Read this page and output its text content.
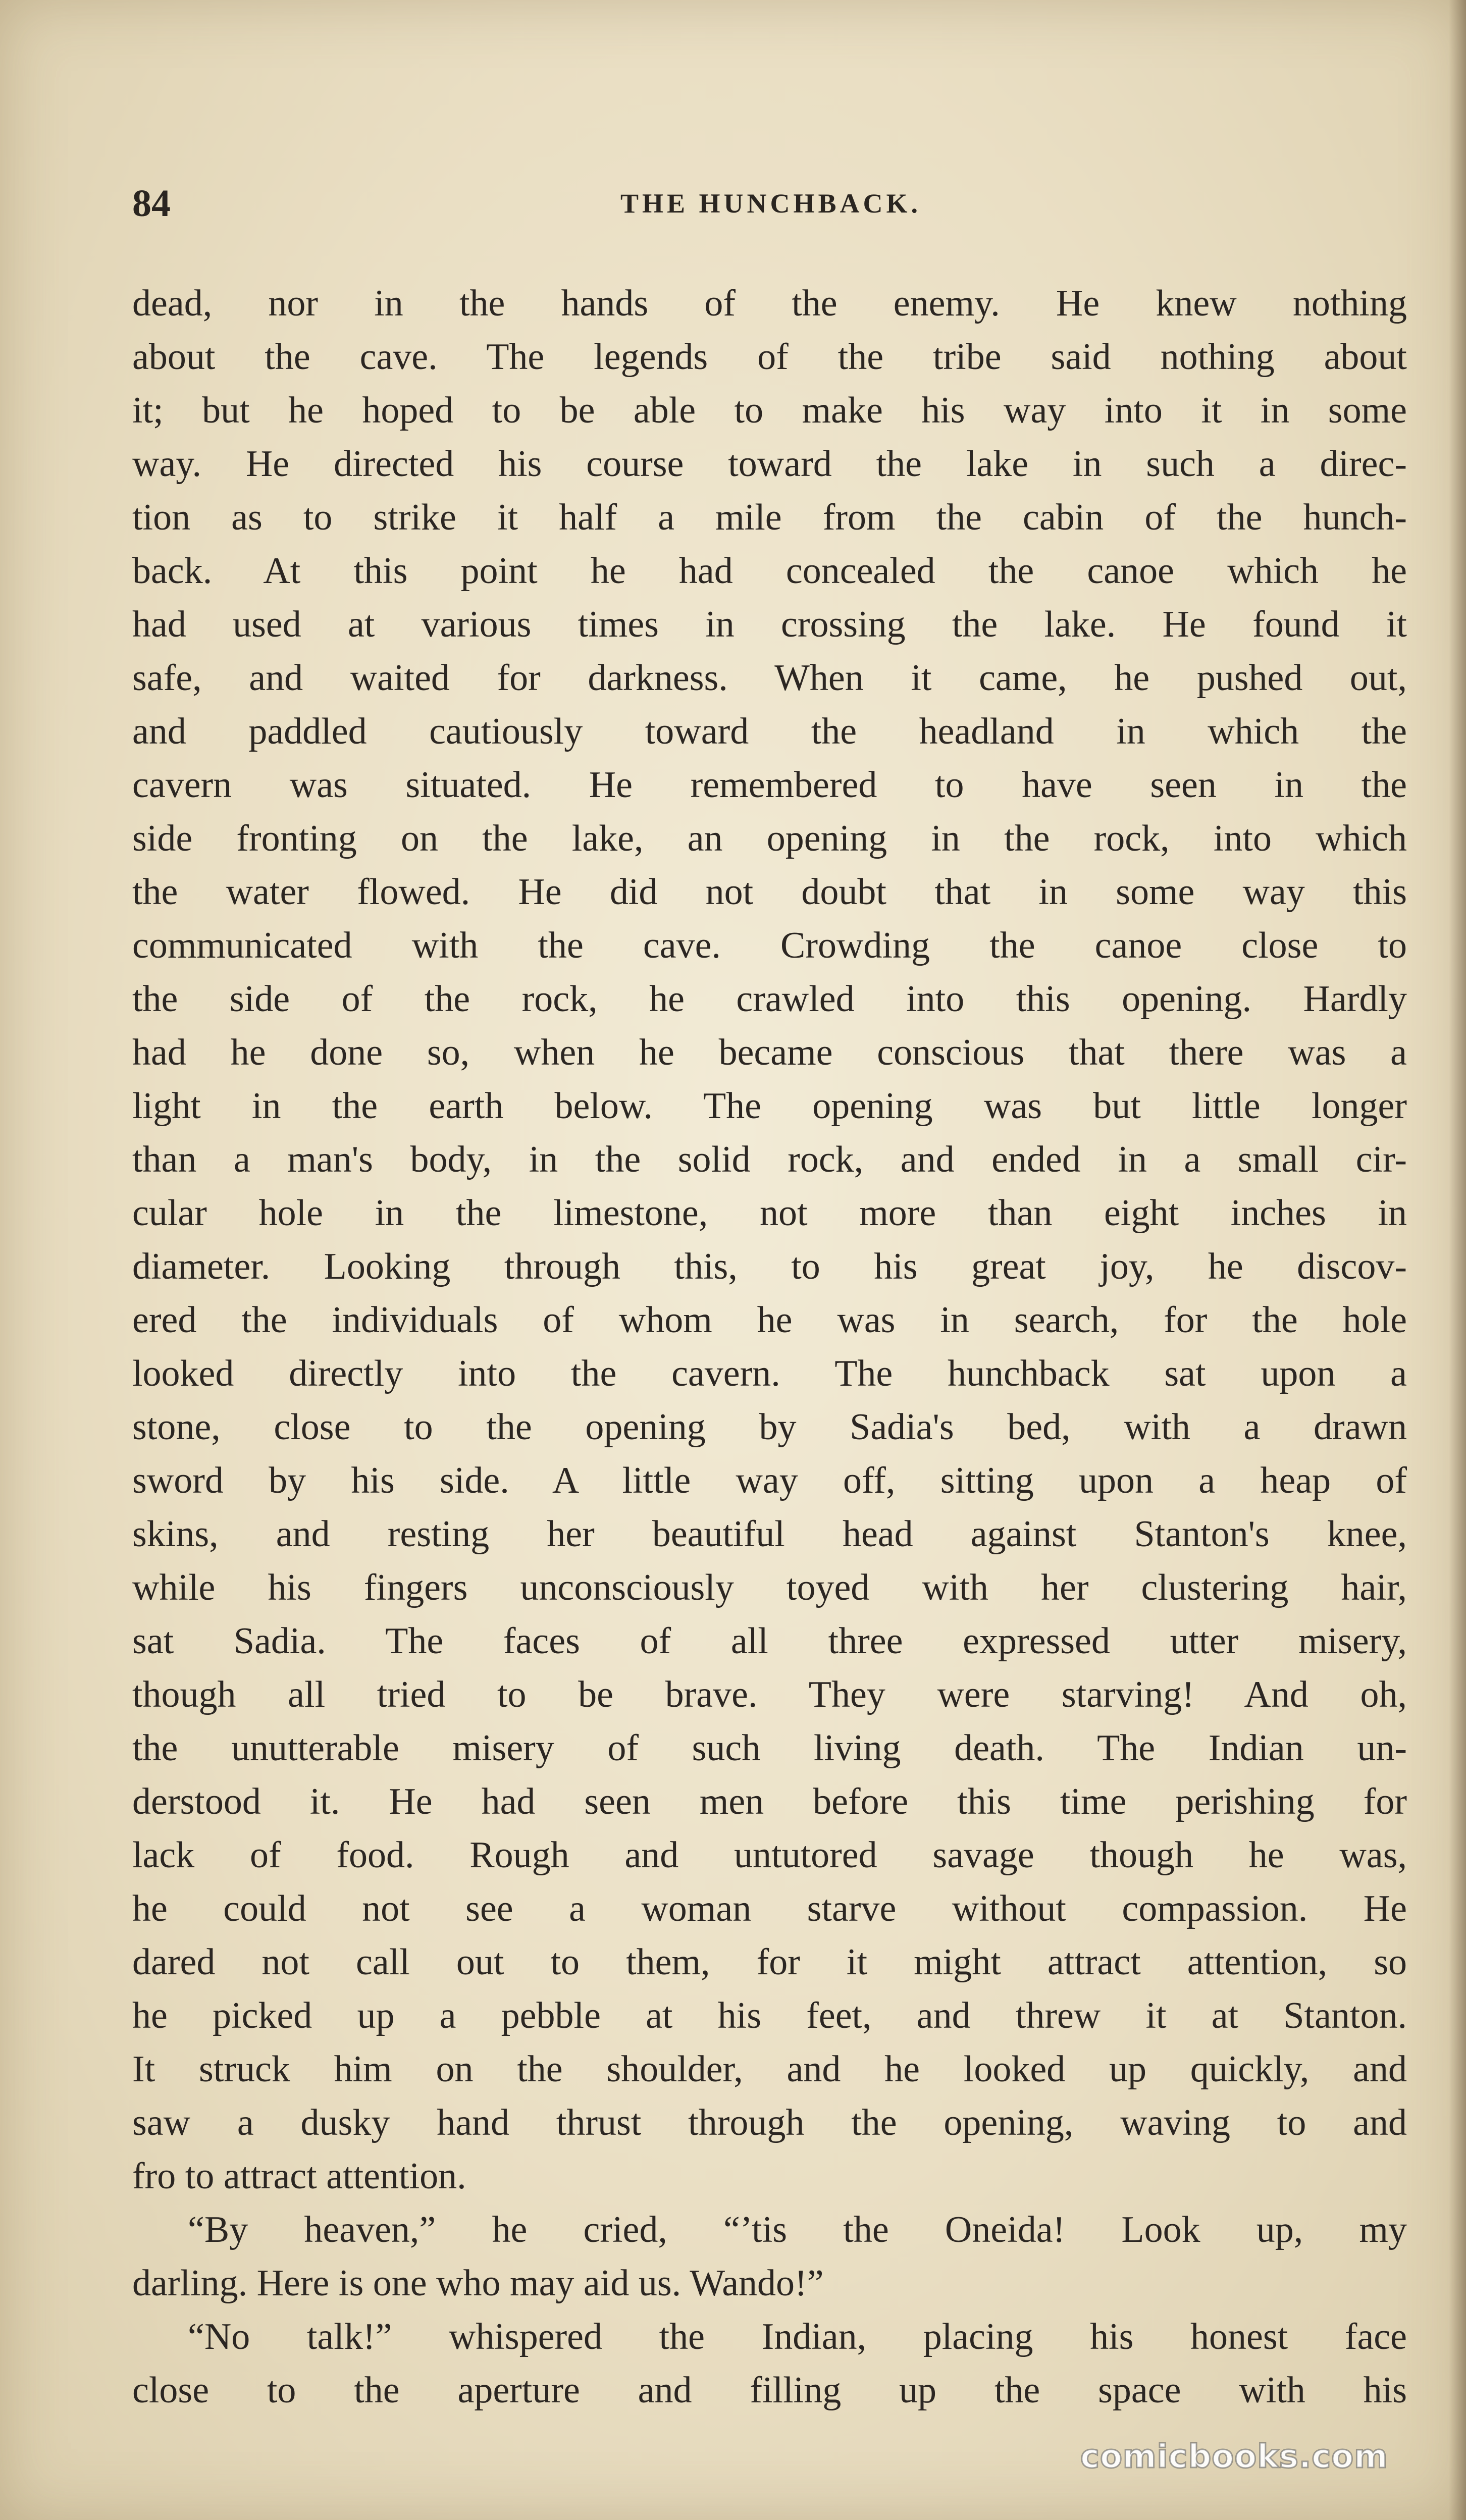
84	THE HUNCHBACK.
dead, nor in the hands of the enemy. He knew nothing
about the cave. The legends of the tribe said nothing about
it; but he hoped to be able to make his way into it in some
way. He directed his course toward the lake in such a direc-
tion as to strike it half a mile from the cabin of the hunch-
back. At this point he had concealed the canoe which he
had used at various times in crossing the lake. He found it
safe, and waited for darkness. When it came, he pushed out,
and paddled cautiously toward the headland in which the
cavern was situated. He remembered to have seen in the
side fronting on the lake, an opening in the rock, into which
the water flowed. He did not doubt that in some way this
communicated with the cave. Crowding the canoe close to
the side of the rock, he crawled into this opening. Hardly
had he done so, when he became conscious that there was a
light in the earth below. The opening was but little longer
than a man's body, in the solid rock, and ended in a small cir-
cular hole in the limestone, not more than eight inches in
diameter. Looking through this, to his great joy, he discov-
ered the individuals of whom he was in search, for the hole
looked directly into the cavern. The hunchback sat upon a
stone, close to the opening by Sadia's bed, with a drawn
sword by his side. A little way off, sitting upon a heap of
skins, and resting her beautiful head against Stanton's knee,
while his fingers unconsciously toyed with her clustering hair,
sat Sadia. The faces of all three expressed utter misery,
though all tried to be brave. They were starving! And oh,
the unutterable misery of such living death. The Indian un-
derstood it. He had seen men before this time perishing for
lack of food. Rough and untutored savage though he was,
he could not see a woman starve without compassion. He
dared not call out to them, for it might attract attention, so
he picked up a pebble at his feet, and threw it at Stanton.
It struck him on the shoulder, and he looked up quickly, and
saw a dusky hand thrust through the opening, waving to and
fro to attract attention.
“By heaven,” he cried, “’tis the Oneida! Look up, my
darling. Here is one who may aid us. Wando!”
“No talk!” whispered the Indian, placing his honest face
close to the aperture and filling up the space with his
comicbooks.com
